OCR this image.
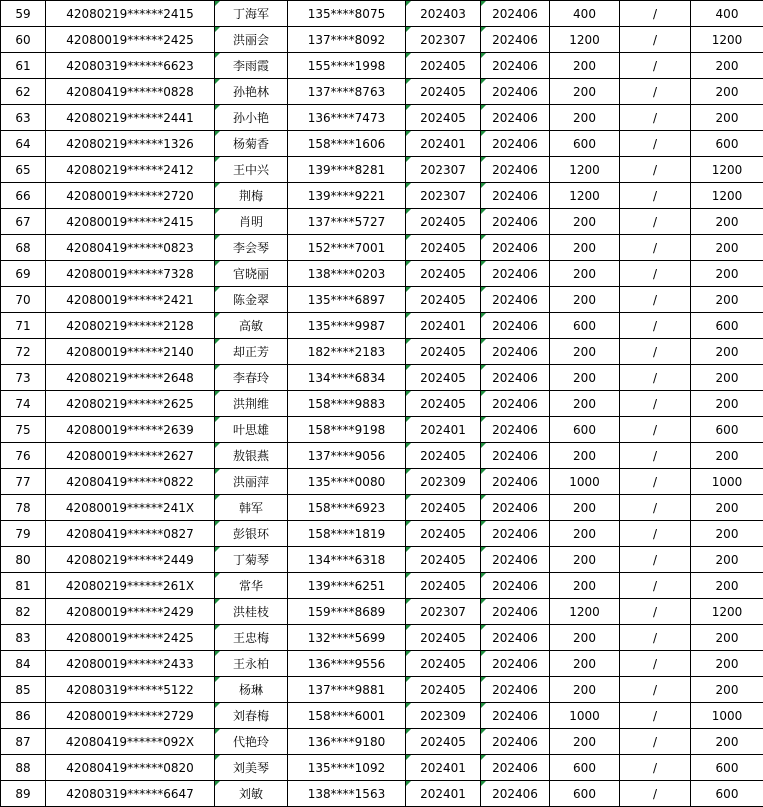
59	42080219******2415	丁海军	135****8075	202403	202406	400	/	400
60	42080019******2425	洪丽会	137****8092	202307	202406	1200	/	1200
61	42080319******6623	李雨霞	155****1998	202405	202406	200	/	200
62	42080419******0828	孙艳林	137****8763	202405	202406	200	/	200
63	42080219******2441	孙小艳	136****7473	202405	202406	200	/	200
64	42080219******1326	杨菊香	158****1606	202401	202406	600	/	600
65	42080219******2412	王中兴	139****8281	202307	202406	1200	/	1200
66	42080019******2720	荆梅	139****9221	202307	202406	1200	/	1200
67	42080019******2415	肖明	137****5727	202405	202406	200	/	200
68	42080419******0823	李会琴	152****7001	202405	202406	200	/	200
69	42080019******7328	官晓丽	138****0203	202405	202406	200	/	200
70	42080019******2421	陈金翠	135****6897	202405	202406	200	/	200
71	42080219******2128	高敏	135****9987	202401	202406	600	/	600
72	42080019******2140	却正芳	182****2183	202405	202406	200	/	200
73	42080219******2648	李春玲	134****6834	202405	202406	200	/	200
74	42080219******2625	洪荆维	158****9883	202405	202406	200	/	200
75	42080019******2639	叶思雄	158****9198	202401	202406	600	/	600
76	42080019******2627	敖银燕	137****9056	202405	202406	200	/	200
77	42080419******0822	洪丽萍	135****0080	202309	202406	1000	/	1000
78	42080019******241X	韩军	158****6923	202405	202406	200	/	200
79	42080419******0827	彭银环	158****1819	202405	202406	200	/	200
80	42080219******2449	丁菊琴	134****6318	202405	202406	200	/	200
81	42080219******261X	常华	139****6251	202405	202406	200	/	200
82	42080019******2429	洪桂枝	159****8689	202307	202406	1200	/	1200
83	42080019******2425	王忠梅	132****5699	202405	202406	200	/	200
84	42080019******2433	王永柏	136****9556	202405	202406	200	/	200
85	42080319******5122	杨琳	137****9881	202405	202406	200	/	200
86	42080019******2729	刘春梅	158****6001	202309	202406	1000	/	1000
87	42080419******092X	代艳玲	136****9180	202405	202406	200	/	200
88	42080419******0820	刘美琴	135****1092	202401	202406	600	/	600
89	42080319******6647	刘敏	138****1563	202401	202406	600	/	600
